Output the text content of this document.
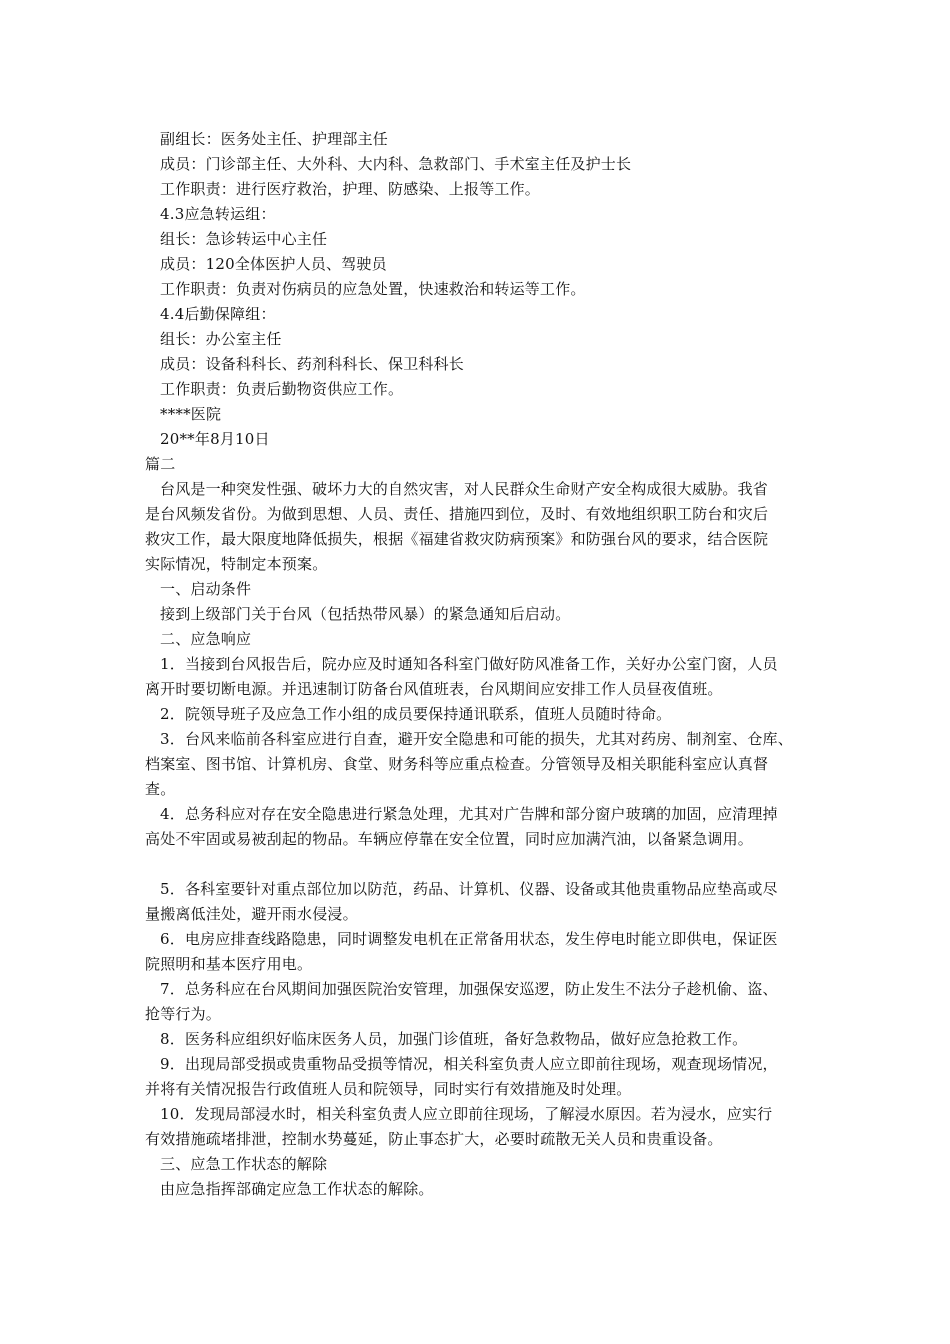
副组长：医务处主任、护理部主任
成员：门诊部主任、大外科、大内科、急救部门、手术室主任及护士长
工作职责：进行医疗救治，护理、防感染、上报等工作。
4.3应急转运组：
组长：急诊转运中心主任
成员：120全体医护人员、驾驶员
工作职责：负责对伤病员的应急处置，快速救治和转运等工作。
4.4后勤保障组：
组长：办公室主任
成员：设备科科长、药剂科科长、保卫科科长
工作职责：负责后勤物资供应工作。
****医院
20**年8月10日
篇二
台风是一种突发性强、破坏力大的自然灾害，对人民群众生命财产安全构成很大威胁。我省
是台风频发省份。为做到思想、人员、责任、措施四到位，及时、有效地组织职工防台和灾后
救灾工作，最大限度地降低损失，根据《福建省救灾防病预案》和防强台风的要求，结合医院
实际情况，特制定本预案。
一、启动条件
接到上级部门关于台风（包括热带风暴）的紧急通知后启动。
二、应急响应
1．当接到台风报告后，院办应及时通知各科室门做好防风准备工作，关好办公室门窗，人员
离开时要切断电源。并迅速制订防备台风值班表，台风期间应安排工作人员昼夜值班。
2．院领导班子及应急工作小组的成员要保持通讯联系，值班人员随时待命。
3．台风来临前各科室应进行自查，避开安全隐患和可能的损失，尤其对药房、制剂室、仓库、
档案室、图书馆、计算机房、食堂、财务科等应重点检查。分管领导及相关职能科室应认真督
查。
4．总务科应对存在安全隐患进行紧急处理，尤其对广告牌和部分窗户玻璃的加固，应清理掉
高处不牢固或易被刮起的物品。车辆应停靠在安全位置，同时应加满汽油，以备紧急调用。
5．各科室要针对重点部位加以防范，药品、计算机、仪器、设备或其他贵重物品应垫高或尽
量搬离低洼处，避开雨水侵浸。
6．电房应排查线路隐患，同时调整发电机在正常备用状态，发生停电时能立即供电，保证医
院照明和基本医疗用电。
7．总务科应在台风期间加强医院治安管理，加强保安巡逻，防止发生不法分子趁机偷、盗、
抢等行为。
8．医务科应组织好临床医务人员，加强门诊值班，备好急救物品，做好应急抢救工作。
9．出现局部受损或贵重物品受损等情况，相关科室负责人应立即前往现场，观查现场情况，
并将有关情况报告行政值班人员和院领导，同时实行有效措施及时处理。
10．发现局部浸水时，相关科室负责人应立即前往现场，了解浸水原因。若为浸水，应实行
有效措施疏堵排泄，控制水势蔓延，防止事态扩大，必要时疏散无关人员和贵重设备。
三、应急工作状态的解除
由应急指挥部确定应急工作状态的解除。
